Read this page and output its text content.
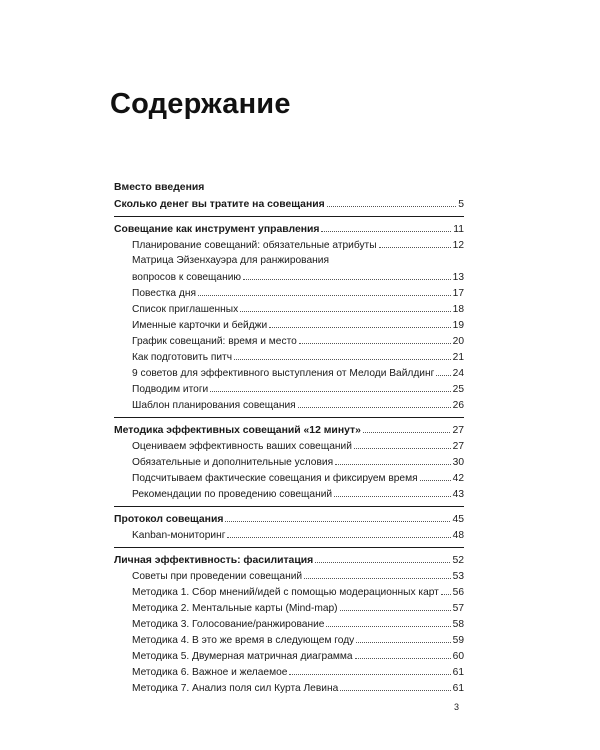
Содержание
Вместо введения
Сколько денег вы тратите на совещания	5
Совещание как инструмент управления	11
Планирование совещаний: обязательные атрибуты	12
Матрица Эйзенхауэра для ранжирования
вопросов к совещанию	13
Повестка дня	17
Список приглашенных	18
Именные карточки и бейджи	19
График совещаний: время и место	20
Как подготовить питч	21
9 советов для эффективного выступления от Мелоди Вайлдинг 24
Подводим итоги	25
Шаблон планирования совещания	26
Методика эффективных совещаний «12 минут»	27
Оцениваем эффективность ваших совещаний	27
Обязательные и дополнительные условия	30
Подсчитываем фактические совещания и фиксируем время	42
Рекомендации по проведению совещаний	43
Протокол совещания	45
Kanban-мониторинг	48
Личная эффективность: фасилитация	52
Советы при проведении совещаний	53
Методика 1. Сбор мнений/идей с помощью модерационных карт 56
Методика 2. Ментальные карты (Mind-map)	57
Методика 3. Голосование/ранжирование	58
Методика 4. В это же время в следующем году	59
Методика 5. Двумерная матричная диаграмма	60
Методика 6. Важное и желаемое	61
Методика 7. Анализ поля сил Курта Левина	61
3
